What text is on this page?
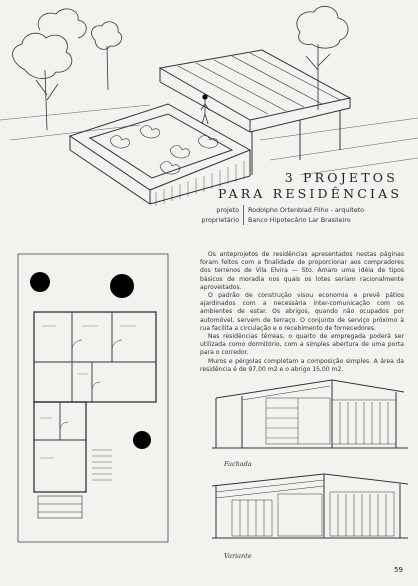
3 PROJETOS
PARA RESIDÊNCIAS
projeto Rodolpho Ortenblad Filho - arquiteto
proprietário Banco Hipotecário Lar Brasileiro

Os anteprojetos de residências apresentados nestas páginas foram feitos com a finalidade de proporcionar aos compradores dos terrenos de Vila Elvira — Sto. Amaro uma idéia de tipos básicos de moradia nos quais os lotes seriam racionalmente aproveitados.

O padrão de construção visou economia e prevê pátios ajardinados com a necessária inter-comunicação com os ambientes de estar. Os abrigos, quando não ocupados por automóvel, servem de terraço. O conjunto de serviço próximo à rua facilita a circulação e o recebimento de fornecedores.

Nas residências térreas, o quarto de empregada poderá ser utilizada como dormitório, com a simples abertura de uma porta para o corredor.

Muros e pérgolas completam a composição simples. A área da residência é de 97,00 m2 e o abrigo 15,00 m2.

Fachada
Variante
59
